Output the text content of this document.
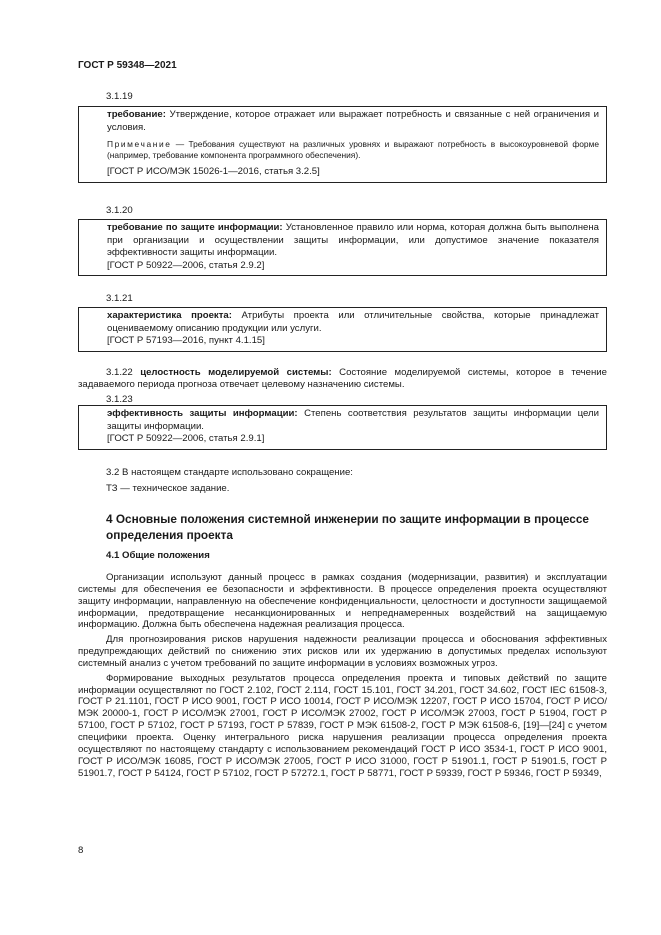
ГОСТ Р 59348—2021
3.1.19

требование: Утверждение, которое отражает или выражает потребность и связанные с ней ограничения и условия.

Примечание — Требования существуют на различных уровнях и выражают потребность в высокоуровневой форме (например, требование компонента программного обеспечения).

[ГОСТ Р ИСО/МЭК 15026-1—2016, статья 3.2.5]

3.1.20

требование по защите информации: Установленное правило или норма, которая должна быть выполнена при организации и осуществлении защиты информации, или допустимое значение показателя эффективности защиты информации.

[ГОСТ Р 50922—2006, статья 2.9.2]

3.1.21

характеристика проекта: Атрибуты проекта или отличительные свойства, которые принадлежат оцениваемому описанию продукции или услуги.

[ГОСТ Р 57193—2016, пункт 4.1.15]

3.1.22 целостность моделируемой системы: Состояние моделируемой системы, которое в течение задаваемого периода прогноза отвечает целевому назначению системы.

3.1.23

эффективность защиты информации: Степень соответствия результатов защиты информации цели защиты информации.

[ГОСТ Р 50922—2006, статья 2.9.1]

3.2 В настоящем стандарте использовано сокращение:
ТЗ — техническое задание.
4 Основные положения системной инженерии по защите информации в процессе определения проекта
4.1 Общие положения

Организации используют данный процесс в рамках создания (модернизации, развития) и эксплуатации системы для обеспечения ее безопасности и эффективности. В процессе определения проекта осуществляют защиту информации, направленную на обеспечение конфиденциальности, целостности и доступности защищаемой информации, предотвращение несанкционированных и непреднамеренных воздействий на защищаемую информацию. Должна быть обеспечена надежная реализация процесса.

Для прогнозирования рисков нарушения надежности реализации процесса и обоснования эффективных предупреждающих действий по снижению этих рисков или их удержанию в допустимых пределах используют системный анализ с учетом требований по защите информации в условиях возможных угроз.

Формирование выходных результатов процесса определения проекта и типовых действий по защите информации осуществляют по ГОСТ 2.102, ГОСТ 2.114, ГОСТ 15.101, ГОСТ 34.201, ГОСТ 34.602, ГОСТ IEC 61508-3, ГОСТ Р 21.1101, ГОСТ Р ИСО 9001, ГОСТ Р ИСО 10014, ГОСТ Р ИСО/МЭК 12207, ГОСТ Р ИСО 15704, ГОСТ Р ИСО/МЭК 20000-1, ГОСТ Р ИСО/МЭК 27001, ГОСТ Р ИСО/МЭК 27002, ГОСТ Р ИСО/МЭК 27003, ГОСТ Р 51904, ГОСТ Р 57100, ГОСТ Р 57102, ГОСТ Р 57193, ГОСТ Р 57839, ГОСТ Р МЭК 61508-2, ГОСТ Р МЭК 61508-6, [19]—[24] с учетом специфики проекта. Оценку интегрального риска нарушения реализации процесса определения проекта осуществляют по настоящему стандарту с использованием рекомендаций ГОСТ Р ИСО 3534-1, ГОСТ Р ИСО 9001, ГОСТ Р ИСО/МЭК 16085, ГОСТ Р ИСО/МЭК 27005, ГОСТ Р ИСО 31000, ГОСТ Р 51901.1, ГОСТ Р 51901.5, ГОСТ Р 51901.7, ГОСТ Р 54124, ГОСТ Р 57102, ГОСТ Р 57272.1, ГОСТ Р 58771, ГОСТ Р 59339, ГОСТ Р 59346, ГОСТ Р 59349,

8
